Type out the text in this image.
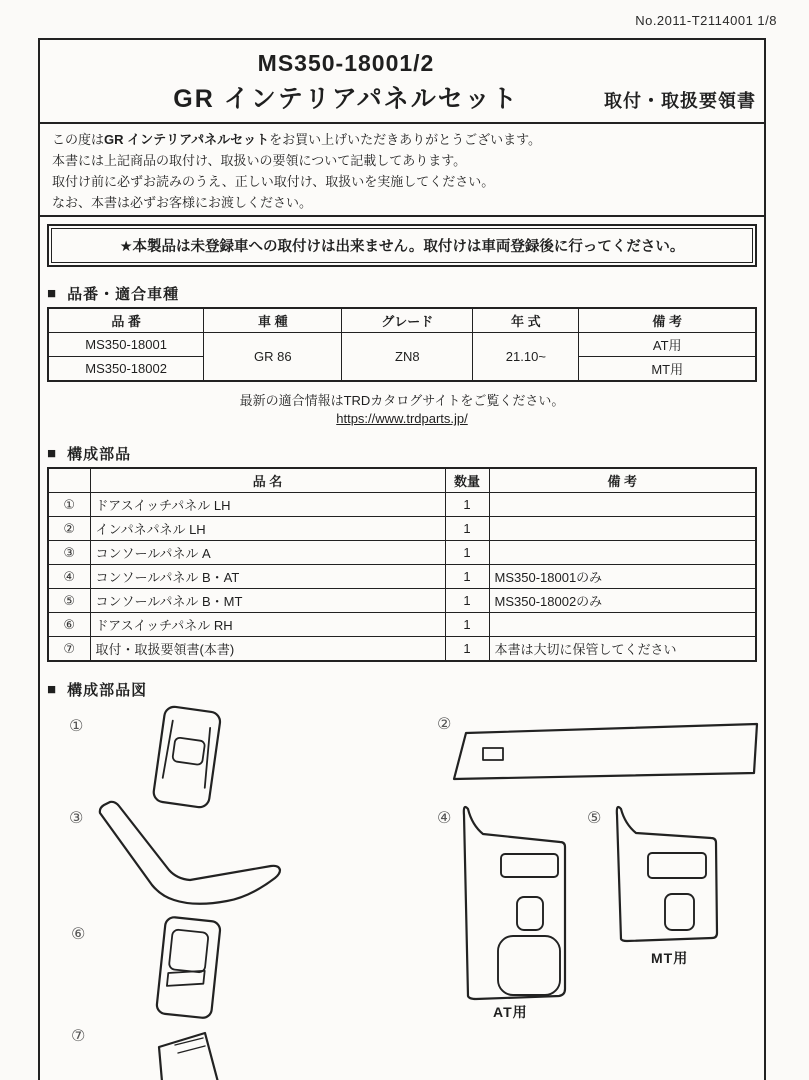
No.2011-T2114001 1/8
MS350-18001/2
GR インテリアパネルセット	取付・取扱要領書

この度はGR インテリアパネルセットをお買い上げいただきありがとうございます。

本書には上記商品の取付け、取扱いの要領について記載してあります。

取付け前に必ずお読みのうえ、正しい取付け、取扱いを実施してください。

なお、本書は必ずお客様にお渡しください。

★本製品は未登録車への取付けは出来ません。取付けは車両登録後に行ってください。
■ 品番・適合車種
品 番	車 種	グレード	年 式	備 考
MS350-18001	GR 86	ZN8	21.10~	AT用
MS350-18002				MT用
最新の適合情報はTRDカタログサイトをご覧ください。
https://www.trdparts.jp/
■ 構成部品
	品 名	数量	備 考
①	ドアスイッチパネル LH	1	
②	インパネパネル LH	1	
③	コンソールパネル A	1	
④	コンソールパネル B・AT	1	MS350-18001のみ
⑤	コンソールパネル B・MT	1	MS350-18002のみ
⑥	ドアスイッチパネル RH	1	
⑦	取付・取扱要領書(本書)	1	本書は大切に保管してください
■ 構成部品図
①	②
③	④	⑤
⑥
⑦
AT用
MT用
